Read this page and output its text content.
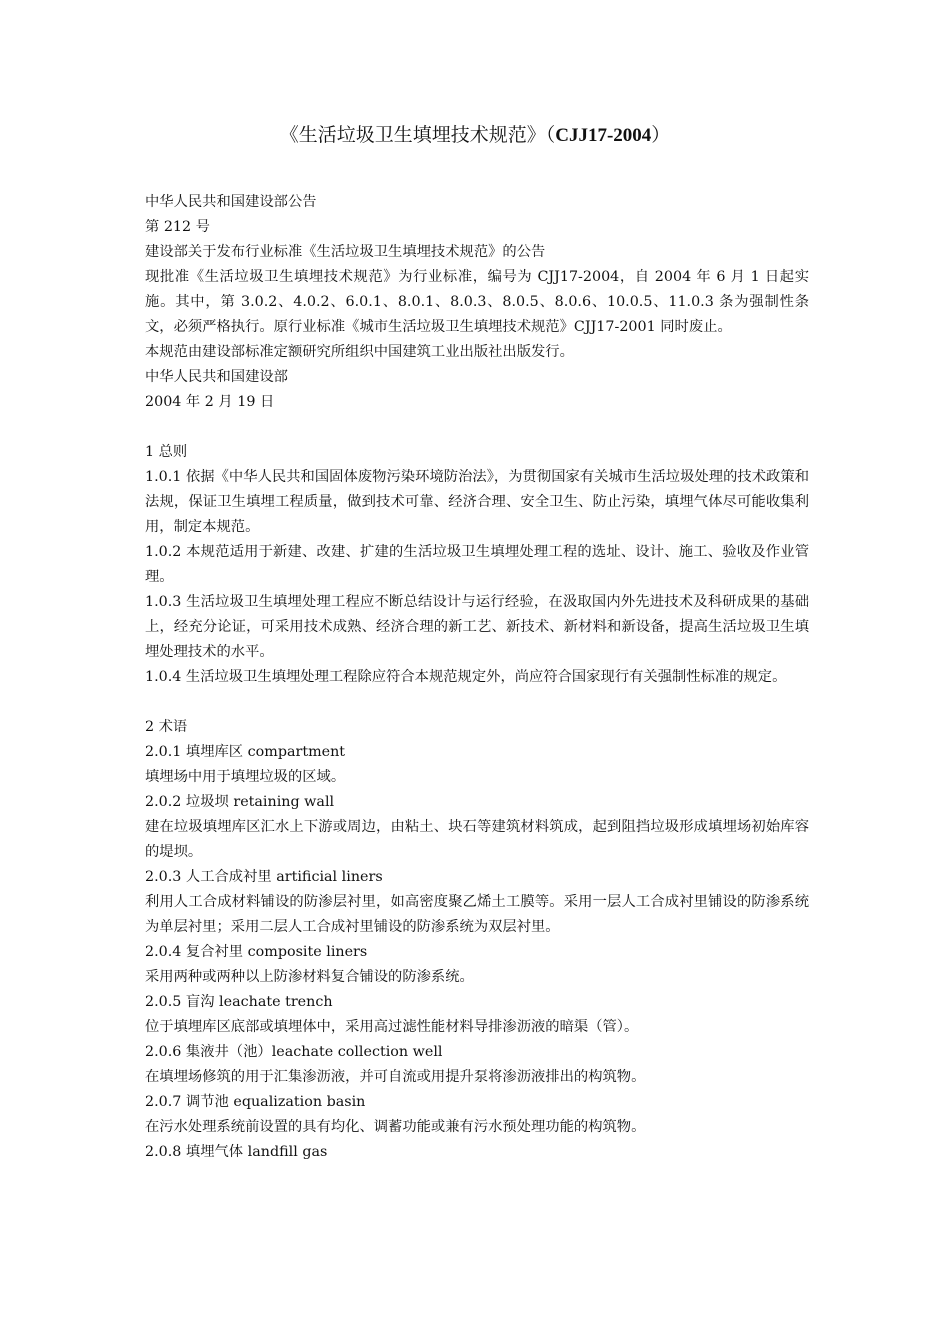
《生活垃圾卫生填埋技术规范》（CJJ17-2004）

中华人民共和国建设部公告

第 212 号

建设部关于发布行业标准《生活垃圾卫生填埋技术规范》的公告

现批准《生活垃圾卫生填埋技术规范》为行业标准，编号为 CJJ17-2004，自 2004 年 6 月 1 日起实施。其中，第 3.0.2、4.0.2、6.0.1、8.0.1、8.0.3、8.0.5、8.0.6、10.0.5、11.0.3 条为强制性条文，必须严格执行。原行业标准《城市生活垃圾卫生填埋技术规范》CJJ17-2001 同时废止。

本规范由建设部标准定额研究所组织中国建筑工业出版社出版发行。

中华人民共和国建设部

2004 年 2 月 19 日

1 总则

1.0.1 依据《中华人民共和国固体废物污染环境防治法》，为贯彻国家有关城市生活垃圾处理的技术政策和法规，保证卫生填埋工程质量，做到技术可靠、经济合理、安全卫生、防止污染，填埋气体尽可能收集利用，制定本规范。

1.0.2 本规范适用于新建、改建、扩建的生活垃圾卫生填埋处理工程的选址、设计、施工、验收及作业管理。

1.0.3 生活垃圾卫生填埋处理工程应不断总结设计与运行经验，在汲取国内外先进技术及科研成果的基础上，经充分论证，可采用技术成熟、经济合理的新工艺、新技术、新材料和新设备，提高生活垃圾卫生填埋处理技术的水平。

1.0.4 生活垃圾卫生填埋处理工程除应符合本规范规定外，尚应符合国家现行有关强制性标准的规定。

2 术语

2.0.1 填埋库区 compartment

填埋场中用于填埋垃圾的区域。

2.0.2 垃圾坝 retaining wall

建在垃圾填埋库区汇水上下游或周边，由粘土、块石等建筑材料筑成，起到阻挡垃圾形成填埋场初始库容的堤坝。

2.0.3 人工合成衬里 artificial liners

利用人工合成材料铺设的防渗层衬里，如高密度聚乙烯土工膜等。采用一层人工合成衬里铺设的防渗系统为单层衬里；采用二层人工合成衬里铺设的防渗系统为双层衬里。

2.0.4 复合衬里 composite liners

采用两种或两种以上防渗材料复合铺设的防渗系统。

2.0.5 盲沟 leachate trench

位于填埋库区底部或填埋体中，采用高过滤性能材料导排渗沥液的暗渠（管）。

2.0.6 集液井（池）leachate collection well

在填埋场修筑的用于汇集渗沥液，并可自流或用提升泵将渗沥液排出的构筑物。

2.0.7 调节池 equalization basin

在污水处理系统前设置的具有均化、调蓄功能或兼有污水预处理功能的构筑物。

2.0.8 填埋气体 landfill gas
